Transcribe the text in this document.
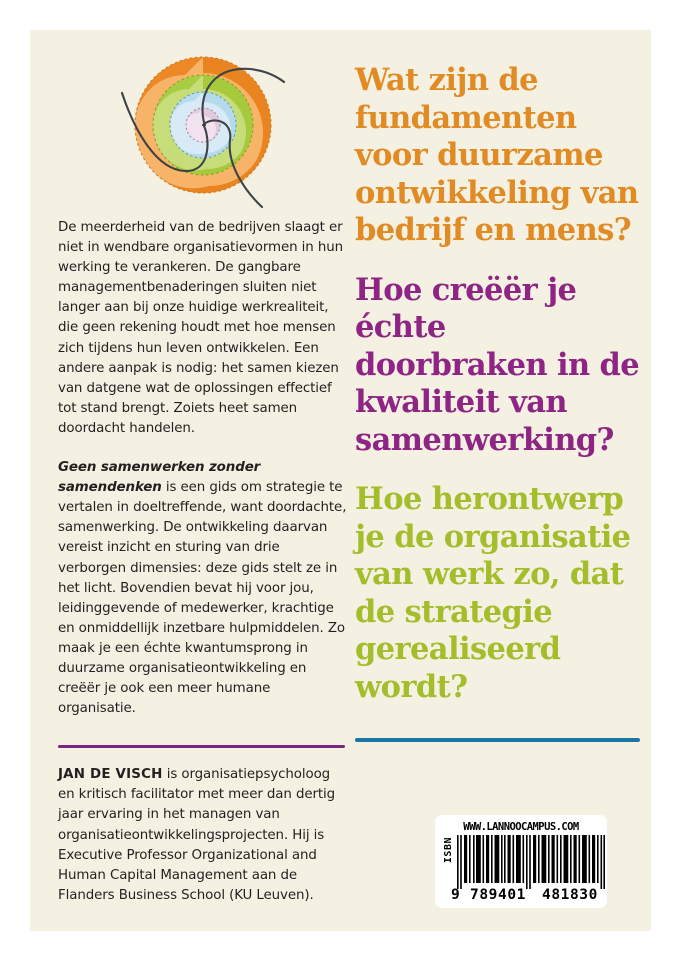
De meerderheid van de bedrijven slaagt er niet in wendbare organisatievormen in hun werking te verankeren. De gangbare managementbenaderingen sluiten niet langer aan bij onze huidige werkrealiteit, die geen rekening houdt met hoe mensen zich tijdens hun leven ontwikkelen. Een andere aanpak is nodig: het samen kiezen van datgene wat de oplossingen effectief tot stand brengt. Zoiets heet samen doordacht handelen.

Geen samenwerken zonder samendenken is een gids om strategie te vertalen in doeltreffende, want doordachte, samenwerking. De ontwikkeling daarvan vereist inzicht en sturing van drie verborgen dimensies: deze gids stelt ze in het licht. Bovendien bevat hij voor jou, leidinggevende of medewerker, krachtige en onmiddellijk inzetbare hulpmiddelen. Zo maak je een échte kwantumsprong in duurzame organisatieontwikkeling en creëër je ook een meer humane organisatie.

JAN DE VISCH is organisatiepsycholoog en kritisch facilitator met meer dan dertig jaar ervaring in het managen van organisatieontwikkelingsprojecten. Hij is Executive Professor Organizational and Human Capital Management aan de Flanders Business School (KU Leuven).

Wat zijn de fundamenten voor duurzame ontwikkeling van bedrijf en mens?
Hoe creëër je échte doorbraken in de kwaliteit van samenwerking?
Hoe herontwerp je de organisatie van werk zo, dat de strategie gerealiseerd wordt?
WWW.LANNOOCAMPUS.COM
ISBN
9 789401 481830
